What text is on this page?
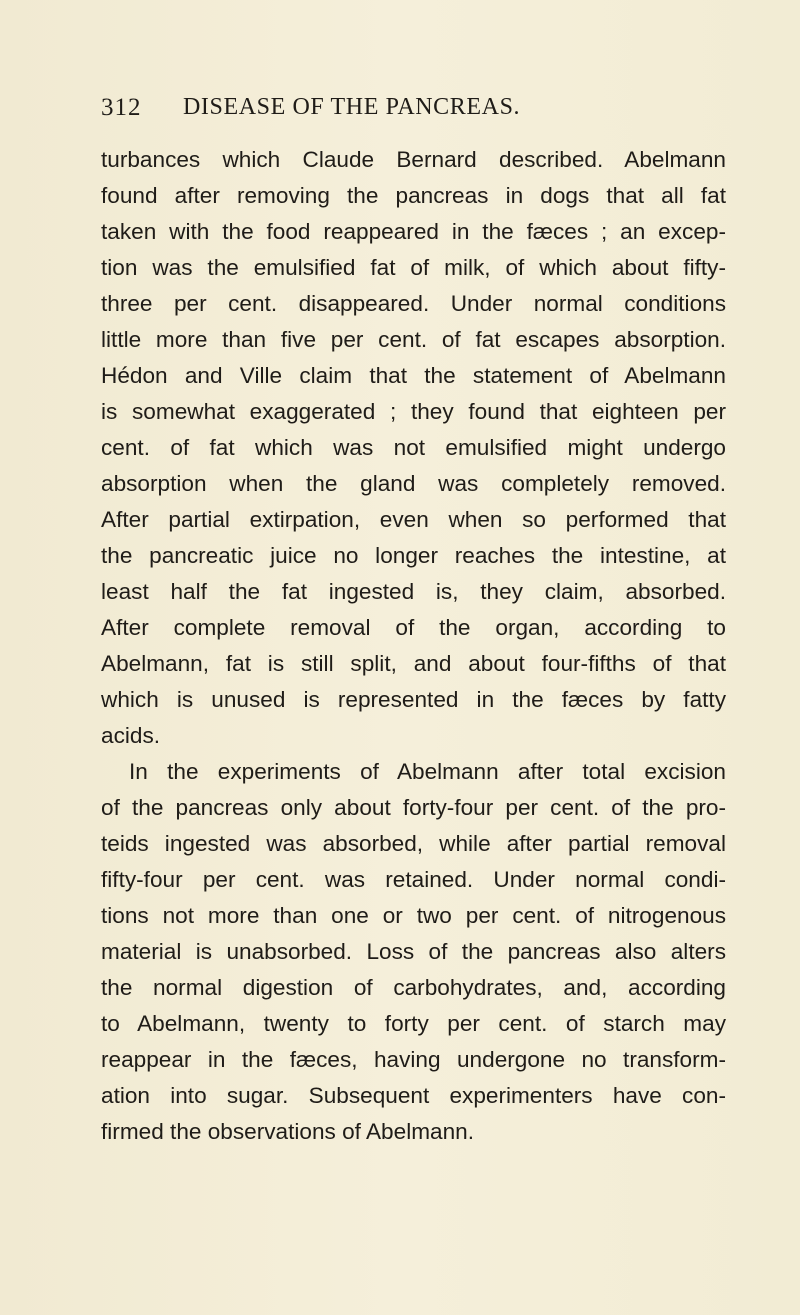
312 DISEASE OF THE PANCREAS.
turbances which Claude Bernard described. Abelmann
found after removing the pancreas in dogs that all fat
taken with the food reappeared in the fæces ; an excep-
tion was the emulsified fat of milk, of which about fifty-
three per cent. disappeared. Under normal conditions
little more than five per cent. of fat escapes absorption.
Hédon and Ville claim that the statement of Abelmann
is somewhat exaggerated ; they found that eighteen per
cent. of fat which was not emulsified might undergo
absorption when the gland was completely removed.
After partial extirpation, even when so performed that
the pancreatic juice no longer reaches the intestine, at
least half the fat ingested is, they claim, absorbed.
After complete removal of the organ, according to
Abelmann, fat is still split, and about four-fifths of that
which is unused is represented in the fæces by fatty
acids.
In the experiments of Abelmann after total excision
of the pancreas only about forty-four per cent. of the pro-
teids ingested was absorbed, while after partial removal
fifty-four per cent. was retained. Under normal condi-
tions not more than one or two per cent. of nitrogenous
material is unabsorbed. Loss of the pancreas also alters
the normal digestion of carbohydrates, and, according
to Abelmann, twenty to forty per cent. of starch may
reappear in the fæces, having undergone no transform-
ation into sugar. Subsequent experimenters have con-
firmed the observations of Abelmann.
